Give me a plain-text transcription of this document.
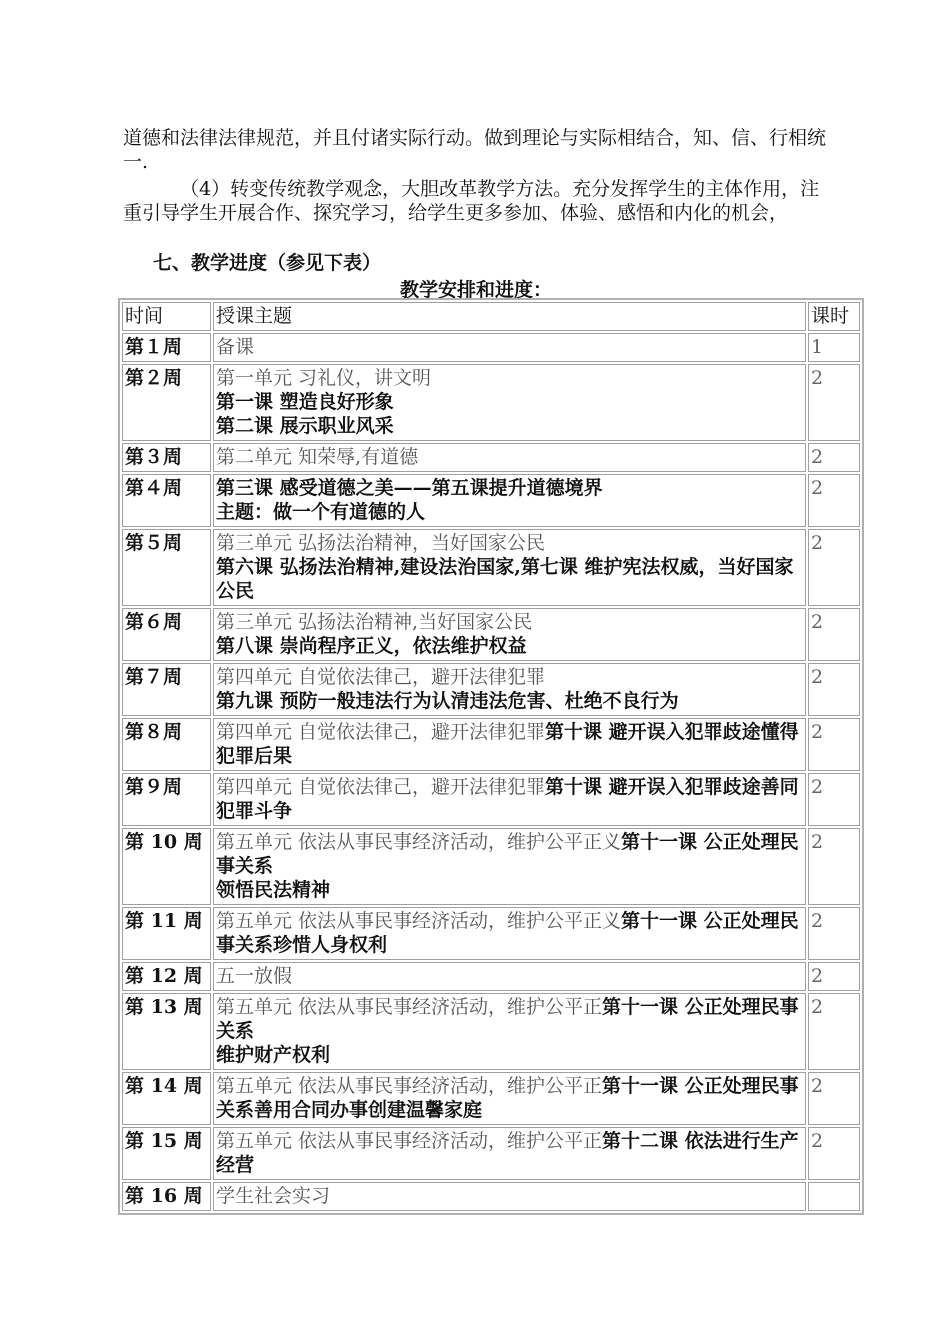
道德和法律法律规范，并且付诸实际行动。做到理论与实际相结合，知、信、行相统一.
（4）转变传统教学观念，大胆改革教学方法。充分发挥学生的主体作用，注重引导学生开展合作、探究学习，给学生更多参加、体验、感悟和内化的机会，
七、教学进度（参见下表）
教学安排和进度：
时间	授课主题	课时
第１周	备课	1
第２周	第一单元 习礼仪，讲文明
第一课 塑造良好形象
第二课 展示职业风采	2
第３周	第二单元 知荣辱,有道德	2
第４周	第三课 感受道德之美——第五课提升道德境界
主题：做一个有道德的人	2
第５周	第三单元 弘扬法治精神，当好国家公民
第六课 弘扬法治精神,建设法治国家,第七课 维护宪法权威，当好国家公民	2
第６周	第三单元 弘扬法治精神,当好国家公民
第八课 崇尚程序正义，依法维护权益	2
第７周	第四单元 自觉依法律己，避开法律犯罪
第九课 预防一般违法行为认清违法危害、杜绝不良行为	2
第８周	第四单元 自觉依法律己，避开法律犯罪第十课 避开误入犯罪歧途懂得犯罪后果	2
第９周	第四单元 自觉依法律己，避开法律犯罪第十课 避开误入犯罪歧途善同犯罪斗争	2
第 10 周	第五单元 依法从事民事经济活动，维护公平正义第十一课 公正处理民事关系
领悟民法精神	2
第 11 周	第五单元 依法从事民事经济活动，维护公平正义第十一课 公正处理民事关系珍惜人身权利	2
第 12 周	五一放假	2
第 13 周	第五单元 依法从事民事经济活动，维护公平正第十一课 公正处理民事关系
维护财产权利	2
第 14 周	第五单元 依法从事民事经济活动，维护公平正第十一课 公正处理民事关系善用合同办事创建温馨家庭	2
第 15 周	第五单元 依法从事民事经济活动，维护公平正第十二课 依法进行生产经营	2
第 16 周	学生社会实习	
